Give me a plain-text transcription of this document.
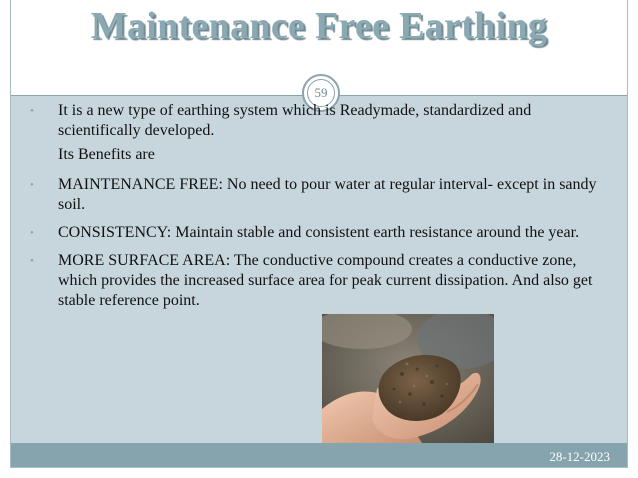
Maintenance Free Earthing
59
• It is a new type of earthing system which is Readymade, standardized and scientifically developed.
Its Benefits are
• MAINTENANCE FREE: No need to pour water at regular interval- except in sandy soil.
• CONSISTENCY: Maintain stable and consistent earth resistance around the year.
• MORE SURFACE AREA: The conductive compound creates a conductive zone, which provides the increased surface area for peak current dissipation. And also get stable reference point.
28-12-2023
